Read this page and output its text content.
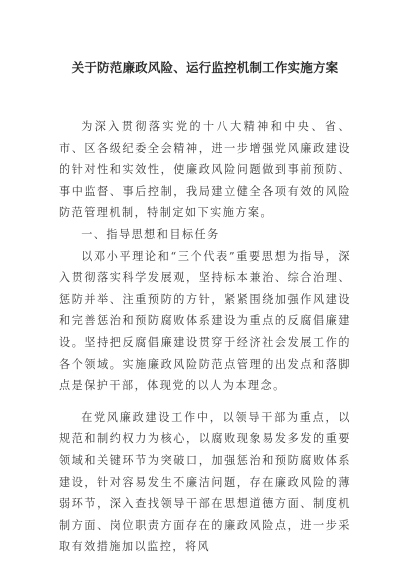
关于防范廉政风险、运行监控机制工作实施方案

为深入贯彻落实党的十八大精神和中央、省、市、区各级纪委全会精神，进一步增强党风廉政建设的针对性和实效性，使廉政风险问题做到事前预防、事中监督、事后控制，我局建立健全各项有效的风险防范管理机制，特制定如下实施方案。

一、指导思想和目标任务

以邓小平理论和“三个代表”重要思想为指导，深入贯彻落实科学发展观，坚持标本兼治、综合治理、惩防并举、注重预防的方针，紧紧围绕加强作风建设和完善惩治和预防腐败体系建设为重点的反腐倡廉建设。坚持把反腐倡廉建设贯穿于经济社会发展工作的各个领域。实施廉政风险防范点管理的出发点和落脚点是保护干部，体现党的以人为本理念。

在党风廉政建设工作中，以领导干部为重点，以规范和制约权力为核心，以腐败现象易发多发的重要领域和关键环节为突破口，加强惩治和预防腐败体系建设，针对容易发生不廉洁问题，存在廉政风险的薄弱环节，深入查找领导干部在思想道德方面、制度机制方面、岗位职责方面存在的廉政风险点，进一步采取有效措施加以监控，将风
